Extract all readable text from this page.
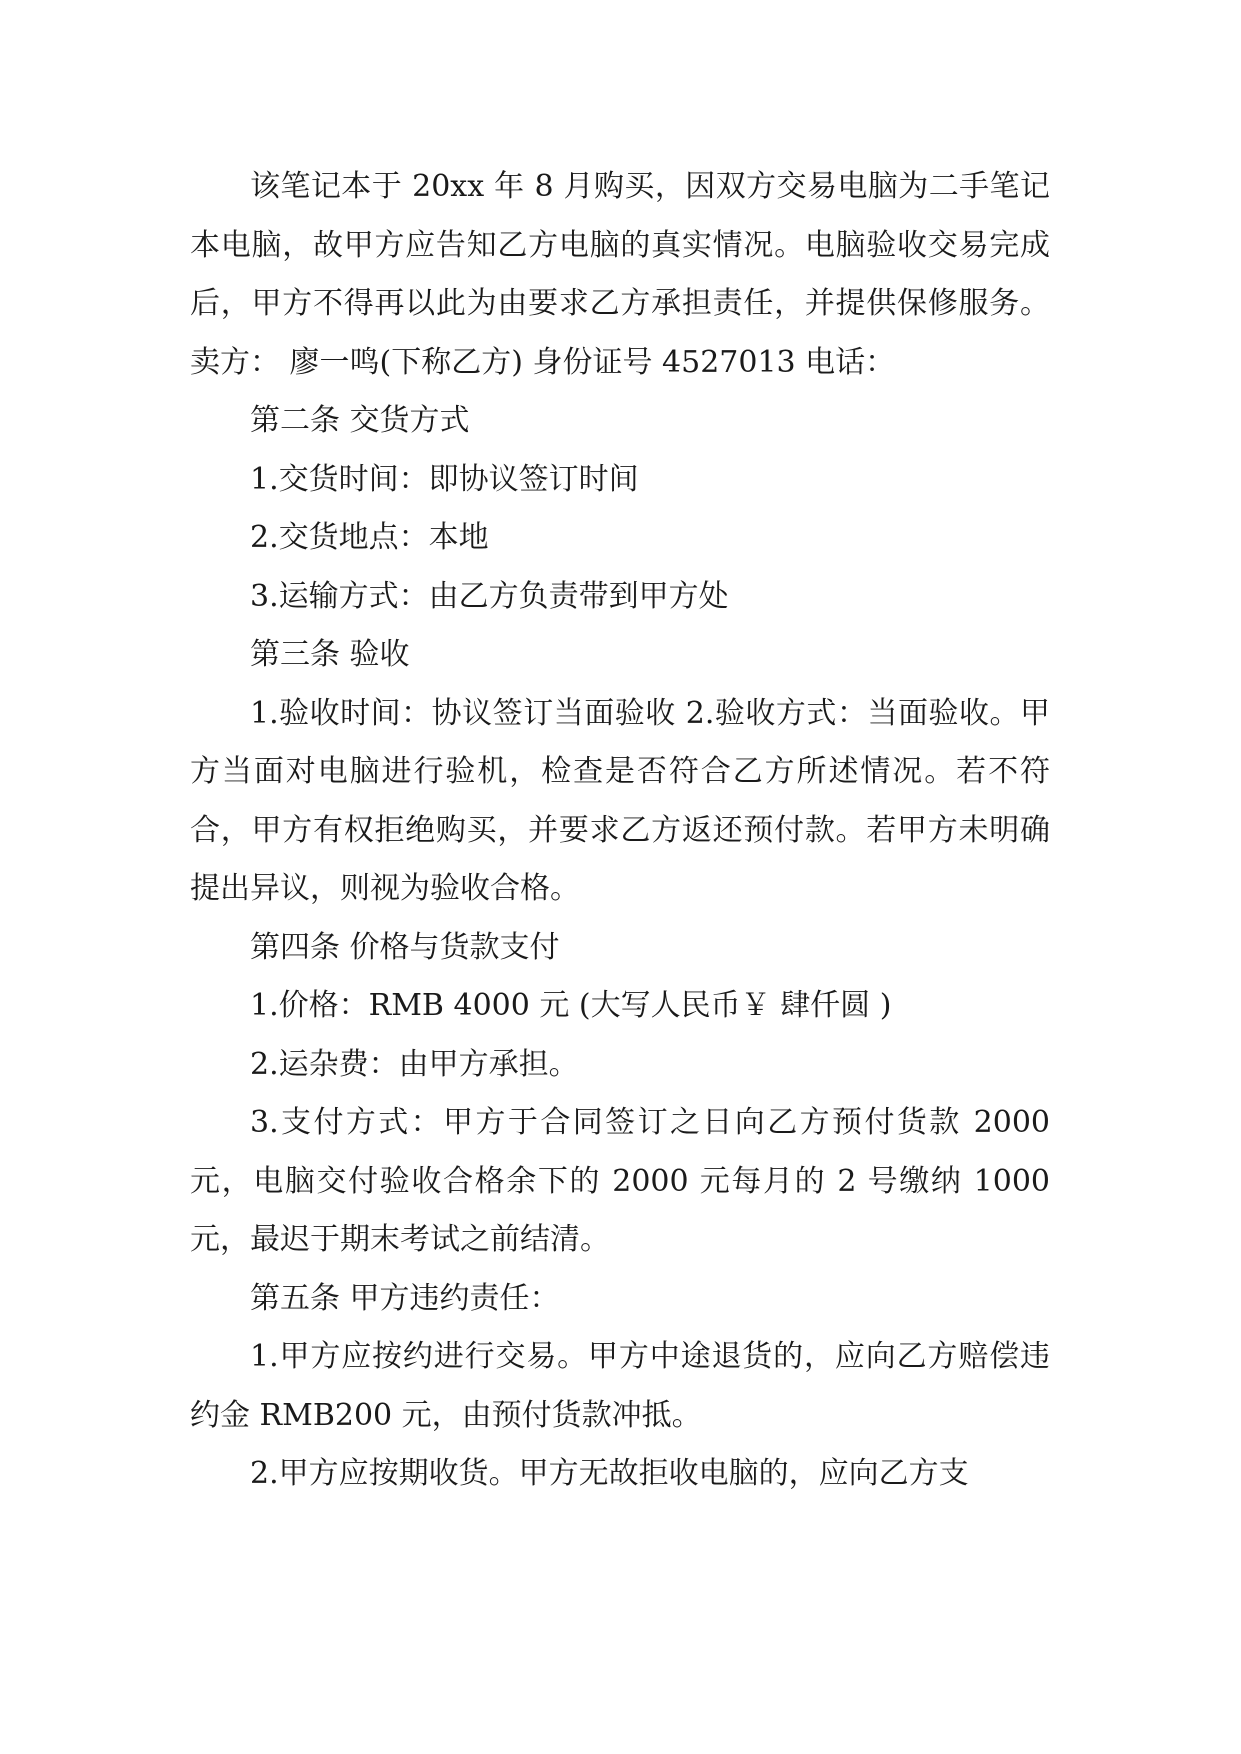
该笔记本于 20xx 年 8 月购买，因双方交易电脑为二手笔记本电脑，故甲方应告知乙方电脑的真实情况。电脑验收交易完成后，甲方不得再以此为由要求乙方承担责任，并提供保修服务。 卖方： 廖一鸣(下称乙方) 身份证号 4527013 电话：

第二条 交货方式

1.交货时间：即协议签订时间

2.交货地点：本地

3.运输方式：由乙方负责带到甲方处

第三条 验收

1.验收时间：协议签订当面验收 2.验收方式：当面验收。甲方当面对电脑进行验机，检查是否符合乙方所述情况。若不符合，甲方有权拒绝购买，并要求乙方返还预付款。若甲方未明确提出异议，则视为验收合格。

第四条 价格与货款支付

1.价格：RMB 4000 元 (大写人民币￥ 肆仟圆 )

2.运杂费：由甲方承担。

3.支付方式：甲方于合同签订之日向乙方预付货款 2000 元，电脑交付验收合格余下的 2000 元每月的 2 号缴纳 1000 元，最迟于期末考试之前结清。

第五条 甲方违约责任：

1.甲方应按约进行交易。甲方中途退货的，应向乙方赔偿违约金 RMB200 元，由预付货款冲抵。

2.甲方应按期收货。甲方无故拒收电脑的，应向乙方支
